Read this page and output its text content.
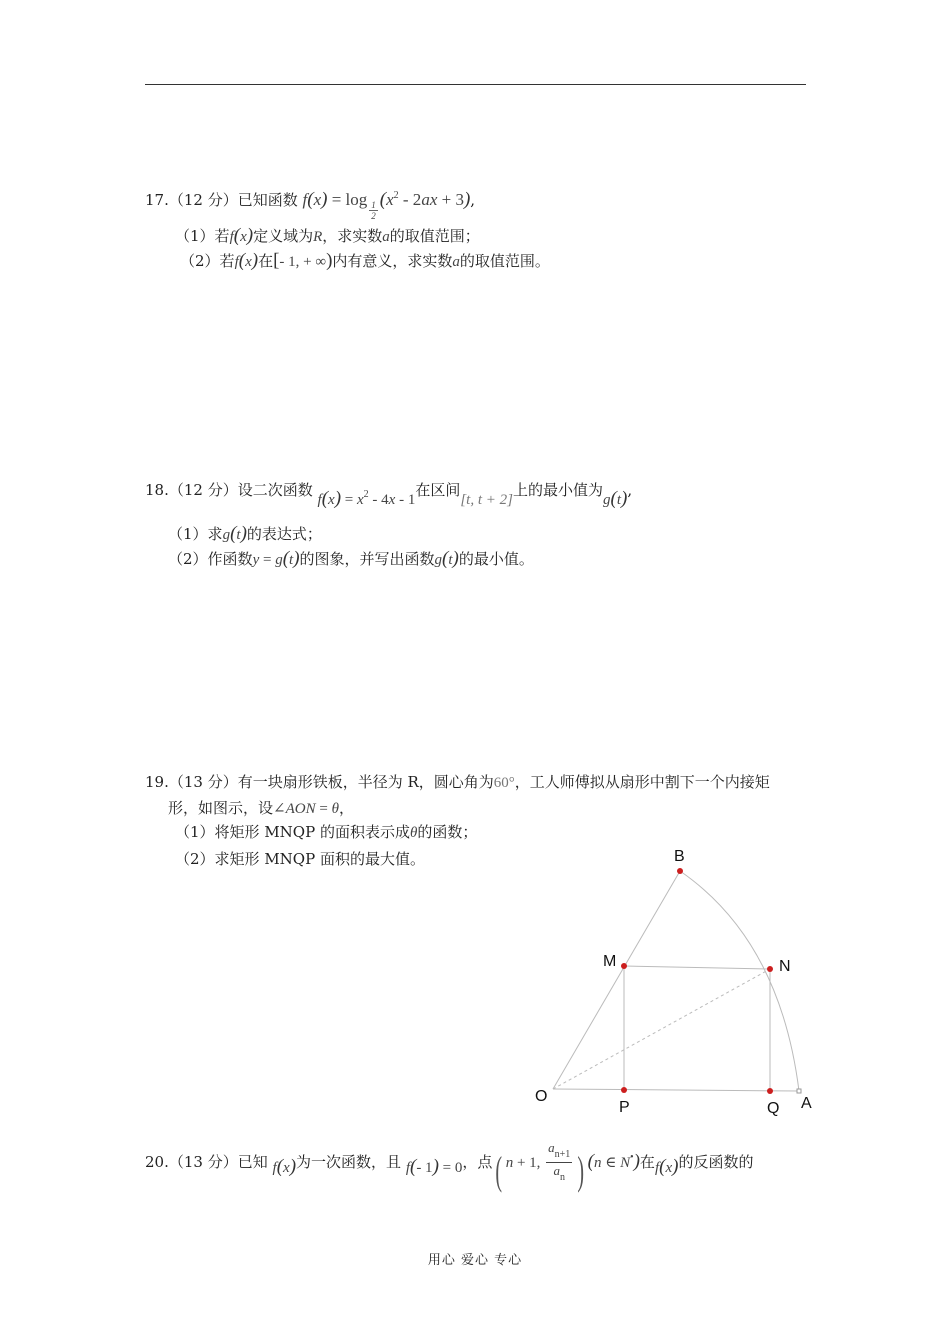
17.（12 分）已知函数 f(x) = log
$\frac{1}{2}$
$(x^2 - 2ax + 3)$,
（1）若f(x)定义域为R，求实数a的取值范围；
（2）若f(x)在[- 1, + ∞)内有意义，求实数a的取值范围。
18.（12 分）设二次函数 $f(x) = x^2 - 4x - 1$在区间[t, t + 2]上的最小值为g(t),
（1）求g(t)的表达式；
（2）作函数y = g(t)的图象，并写出函数g(t)的最小值。
19.（13 分）有一块扇形铁板，半径为 R，圆心角为60°，工人师傅拟从扇形中割下一个内接矩
形，如图示，设∠AON = θ，
（1）将矩形 MNQP 的面积表示成θ的函数；
（2）求矩形 MNQP 面积的最大值。	B
M	N
O
P	Q A
20.（13 分）已知 f(x)为一次函数，且 f(- 1) = 0，点( n + 1, $\frac{a_{n+1}}{a_n}$ ) (n ∈ N•)在f(x)的反函数的
用心 爱心 专心
